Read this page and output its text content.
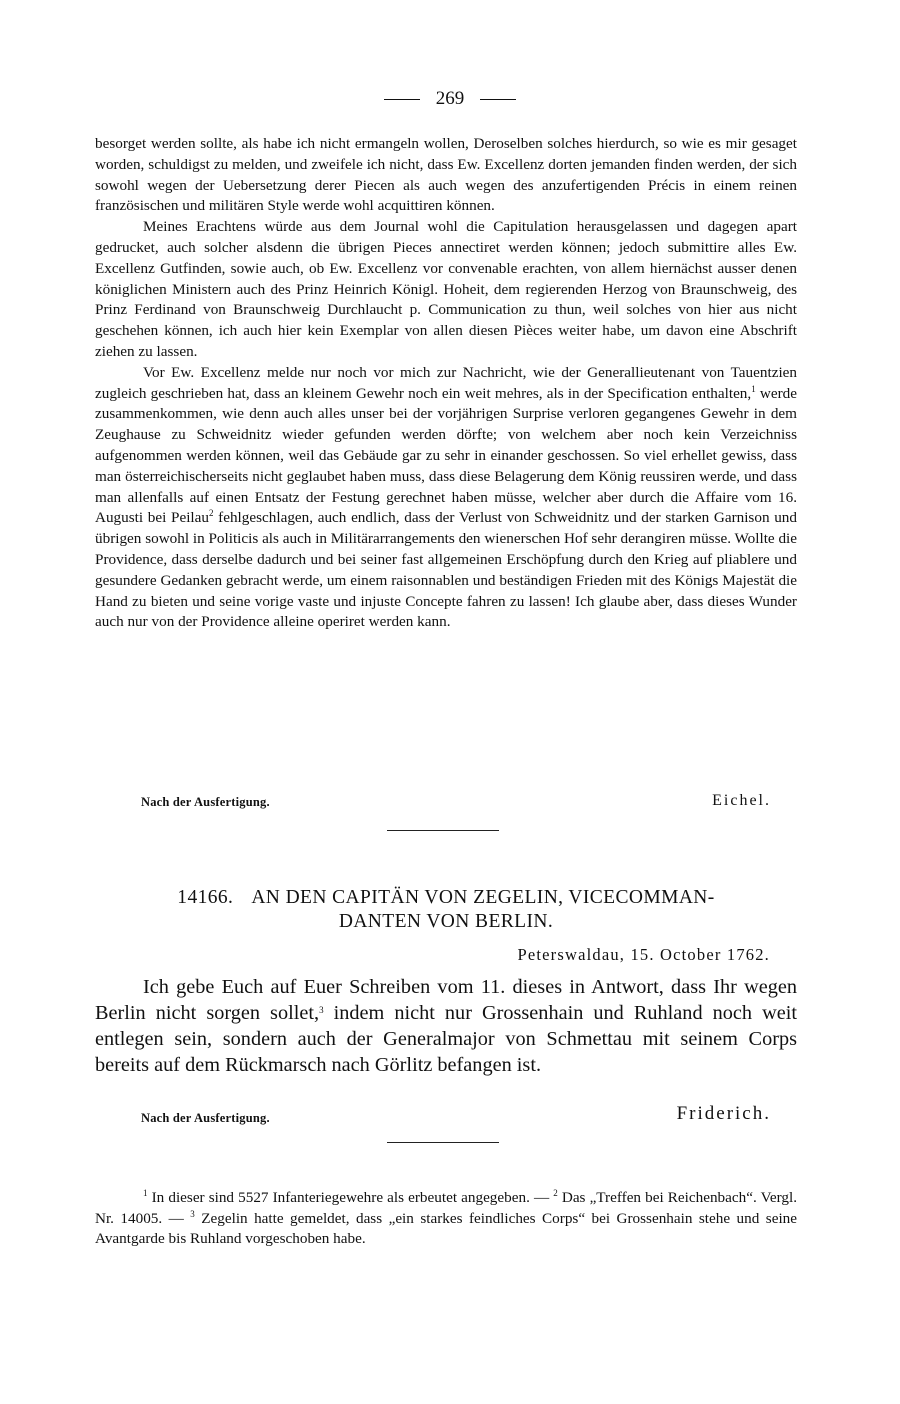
269

besorget werden sollte, als habe ich nicht ermangeln wollen, Deroselben solches hierdurch, so wie es mir gesaget worden, schuldigst zu melden, und zweifele ich nicht, dass Ew. Excellenz dorten jemanden finden werden, der sich sowohl wegen der Uebersetzung derer Piecen als auch wegen des anzufertigenden Précis in einem reinen französischen und militären Style werde wohl acquittiren können.

Meines Erachtens würde aus dem Journal wohl die Capitulation herausgelassen und dagegen apart gedrucket, auch solcher alsdenn die übrigen Pieces annectiret werden können; jedoch submittire alles Ew. Excellenz Gutfinden, sowie auch, ob Ew. Excellenz vor convenable erachten, von allem hiernächst ausser denen königlichen Ministern auch des Prinz Heinrich Königl. Hoheit, dem regierenden Herzog von Braunschweig, des Prinz Ferdinand von Braunschweig Durchlaucht p. Communication zu thun, weil solches von hier aus nicht geschehen können, ich auch hier kein Exemplar von allen diesen Pièces weiter habe, um davon eine Abschrift ziehen zu lassen.

Vor Ew. Excellenz melde nur noch vor mich zur Nachricht, wie der Generallieutenant von Tauentzien zugleich geschrieben hat, dass an kleinem Gewehr noch ein weit mehres, als in der Specification enthalten,$^1$ werde zusammenkommen, wie denn auch alles unser bei der vorjährigen Surprise verloren gegangenes Gewehr in dem Zeughause zu Schweidnitz wieder gefunden werden dörfte; von welchem aber noch kein Verzeichniss aufgenommen werden können, weil das Gebäude gar zu sehr in einander geschossen. So viel erhellet gewiss, dass man österreichischerseits nicht geglaubet haben muss, dass diese Belagerung dem König reussiren werde, und dass man allenfalls auf einen Entsatz der Festung gerechnet haben müsse, welcher aber durch die Affaire vom 16. Augusti bei Peilau$^2$ fehlgeschlagen, auch endlich, dass der Verlust von Schweidnitz und der starken Garnison und übrigen sowohl in Politicis als auch in Militärarrangements den wienerschen Hof sehr derangiren müsse. Wollte die Providence, dass derselbe dadurch und bei seiner fast allgemeinen Erschöpfung durch den Krieg auf pliablere und gesundere Gedanken gebracht werde, um einem raisonnablen und beständigen Frieden mit des Königs Majestät die Hand zu bieten und seine vorige vaste und injuste Concepte fahren zu lassen! Ich glaube aber, dass dieses Wunder auch nur von der Providence alleine operiret werden kann.

Nach der Ausfertigung.	Eichel.
14166. AN DEN CAPITÄN VON ZEGELIN, VICECOMMAN-
DANTEN VON BERLIN.
Peterswaldau, 15. October 1762.

Ich gebe Euch auf Euer Schreiben vom 11. dieses in Antwort, dass Ihr wegen Berlin nicht sorgen sollet,$^3$ indem nicht nur Grossenhain und Ruhland noch weit entlegen sein, sondern auch der Generalmajor von Schmettau mit seinem Corps bereits auf dem Rückmarsch nach Görlitz befangen ist.

Nach der Ausfertigung.	Friderich.

$^1$ In dieser sind 5527 Infanteriegewehre als erbeutet angegeben. — $^2$ Das „Treffen bei Reichenbach“. Vergl. Nr. 14005. — $^3$ Zegelin hatte gemeldet, dass „ein starkes feindliches Corps“ bei Grossenhain stehe und seine Avantgarde bis Ruhland vorgeschoben habe.
